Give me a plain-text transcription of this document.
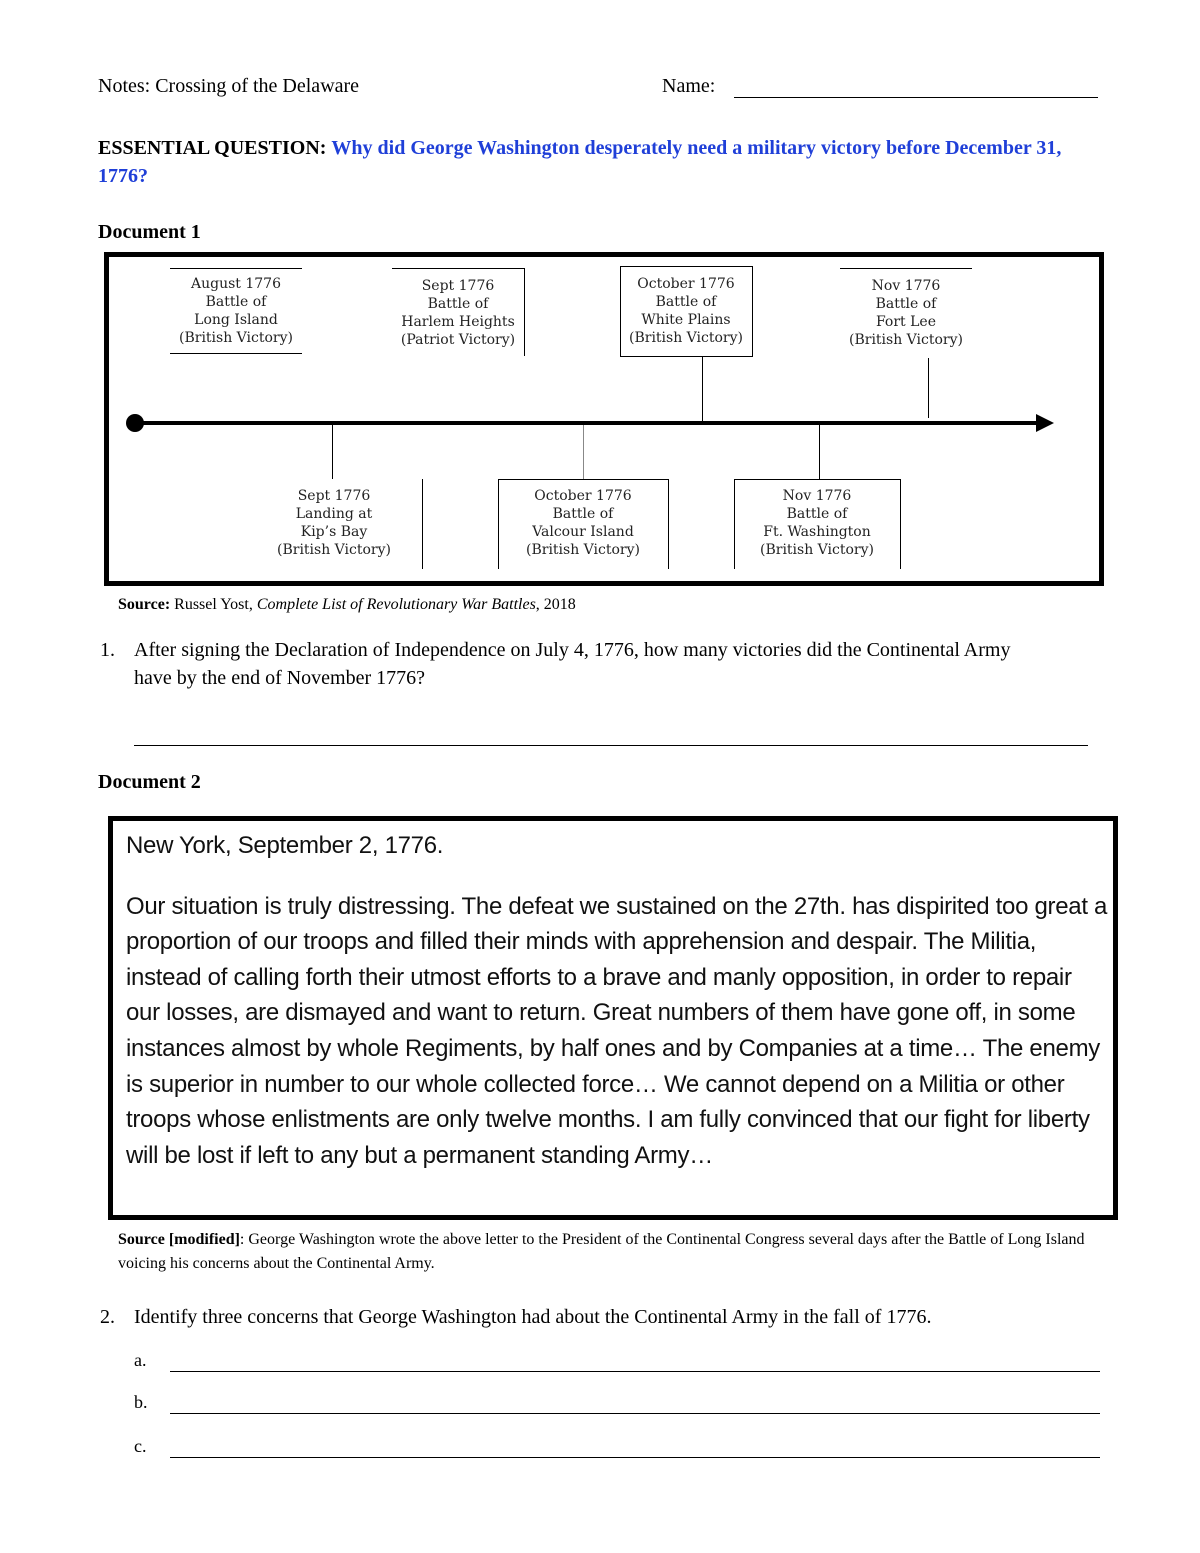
Notes: Crossing of the Delaware	Name:
ESSENTIAL QUESTION: Why did George Washington desperately need a military victory before December 31, 1776?
Document 1
August 1776
Battle of
Long Island
(British Victory)
Sept 1776
Battle of
Harlem Heights
(Patriot Victory)
October 1776
Battle of
White Plains
(British Victory)
Nov 1776
Battle of
Fort Lee
(British Victory)
Sept 1776
Landing at
Kip’s Bay
(British Victory)
October 1776
Battle of
Valcour Island
(British Victory)
Nov 1776
Battle of
Ft. Washington
(British Victory)
Source: Russel Yost, Complete List of Revolutionary War Battles, 2018
1. After signing the Declaration of Independence on July 4, 1776, how many victories did the Continental Army have by the end of November 1776?
Document 2

New York, September 2, 1776.

Our situation is truly distressing. The defeat we sustained on the 27th. has dispirited too great a proportion of our troops and filled their minds with apprehension and despair. The Militia, instead of calling forth their utmost efforts to a brave and manly opposition, in order to repair our losses, are dismayed and want to return. Great numbers of them have gone off, in some instances almost by whole Regiments, by half ones and by Companies at a time… The enemy is superior in number to our whole collected force… We cannot depend on a Militia or other troops whose enlistments are only twelve months. I am fully convinced that our fight for liberty will be lost if left to any but a permanent standing Army…

Source [modified]: George Washington wrote the above letter to the President of the Continental Congress several days after the Battle of Long Island voicing his concerns about the Continental Army.
2. Identify three concerns that George Washington had about the Continental Army in the fall of 1776.
a.
b.
c.
